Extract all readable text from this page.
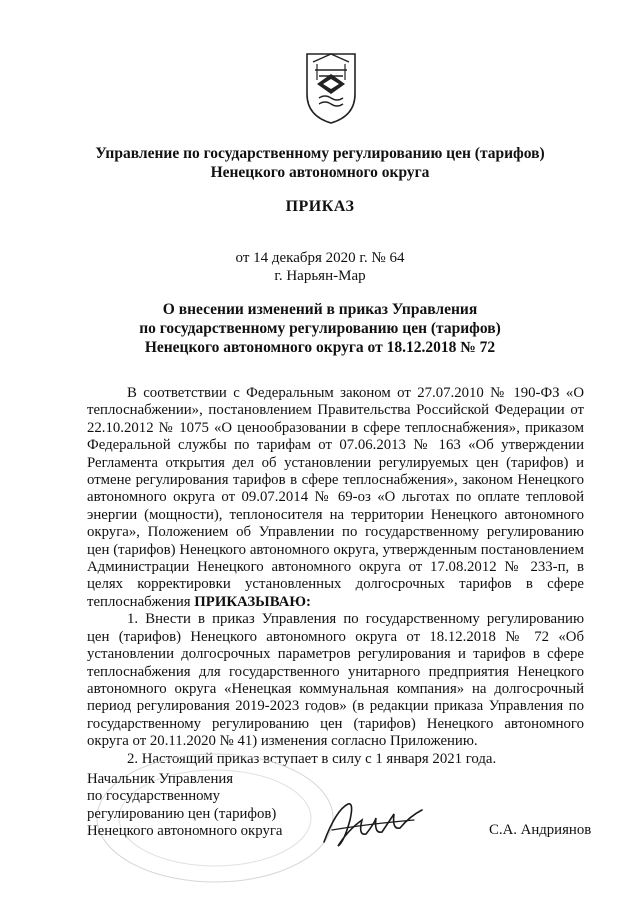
Управление по государственному регулированию цен (тарифов)
Ненецкого автономного округа
ПРИКАЗ
от 14 декабря 2020 г. № 64
г. Нарьян-Мар
О внесении изменений в приказ Управления
по государственному регулированию цен (тарифов)
Ненецкого автономного округа от 18.12.2018 № 72

В соответствии с Федеральным законом от 27.07.2010 № 190-ФЗ «О теплоснабжении», постановлением Правительства Российской Федерации от 22.10.2012 № 1075 «О ценообразовании в сфере теплоснабжения», приказом Федеральной службы по тарифам от 07.06.2013 № 163 «Об утверждении Регламента открытия дел об установлении регулируемых цен (тарифов) и отмене регулирования тарифов в сфере теплоснабжения», законом Ненецкого автономного округа от 09.07.2014 № 69-оз «О льготах по оплате тепловой энергии (мощности), теплоносителя на территории Ненецкого автономного округа», Положением об Управлении по государственному регулированию цен (тарифов) Ненецкого автономного округа, утвержденным постановлением Администрации Ненецкого автономного округа от 17.08.2012 № 233-п, в целях корректировки установленных долгосрочных тарифов в сфере теплоснабжения ПРИКАЗЫВАЮ:

1. Внести в приказ Управления по государственному регулированию цен (тарифов) Ненецкого автономного округа от 18.12.2018 № 72 «Об установлении долгосрочных параметров регулирования и тарифов в сфере теплоснабжения для государственного унитарного предприятия Ненецкого автономного округа «Ненецкая коммунальная компания» на долгосрочный период регулирования 2019-2023 годов» (в редакции приказа Управления по государственному регулированию цен (тарифов) Ненецкого автономного округа от 20.11.2020 № 41) изменения согласно Приложению.

2. Настоящий приказ вступает в силу с 1 января 2021 года.

Начальник Управления
по государственному
регулированию цен (тарифов)
Ненецкого автономного округа	С.А. Андриянов
